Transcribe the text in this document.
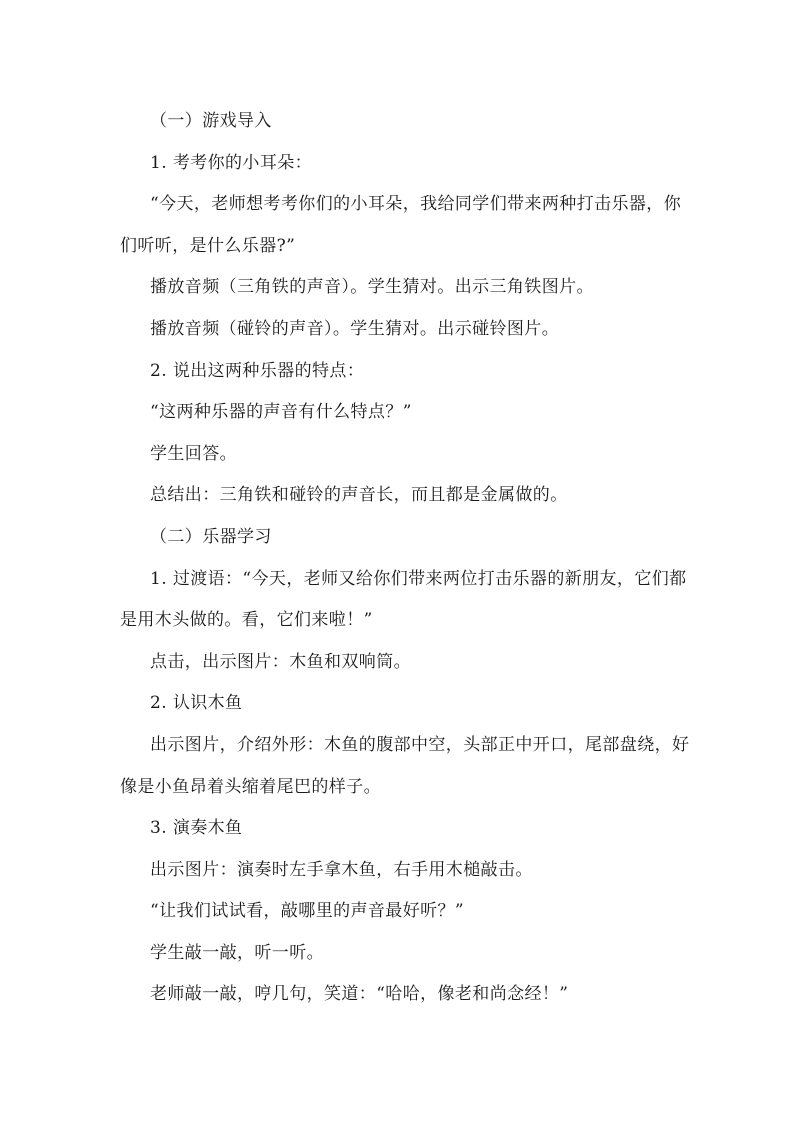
（一）游戏导入

1. 考考你的小耳朵：

“今天，老师想考考你们的小耳朵，我给同学们带来两种打击乐器，你们听听，是什么乐器?”

播放音频（三角铁的声音）。学生猜对。出示三角铁图片。

播放音频（碰铃的声音）。学生猜对。出示碰铃图片。

2. 说出这两种乐器的特点：

“这两种乐器的声音有什么特点？”

学生回答。

总结出：三角铁和碰铃的声音长，而且都是金属做的。

（二）乐器学习

1. 过渡语：“今天，老师又给你们带来两位打击乐器的新朋友，它们都是用木头做的。看，它们来啦！”

点击，出示图片：木鱼和双响筒。

2. 认识木鱼

出示图片，介绍外形：木鱼的腹部中空，头部正中开口，尾部盘绕，好像是小鱼昂着头缩着尾巴的样子。

3. 演奏木鱼

出示图片：演奏时左手拿木鱼，右手用木槌敲击。

“让我们试试看，敲哪里的声音最好听？”

学生敲一敲，听一听。

老师敲一敲，哼几句，笑道：“哈哈，像老和尚念经！”
